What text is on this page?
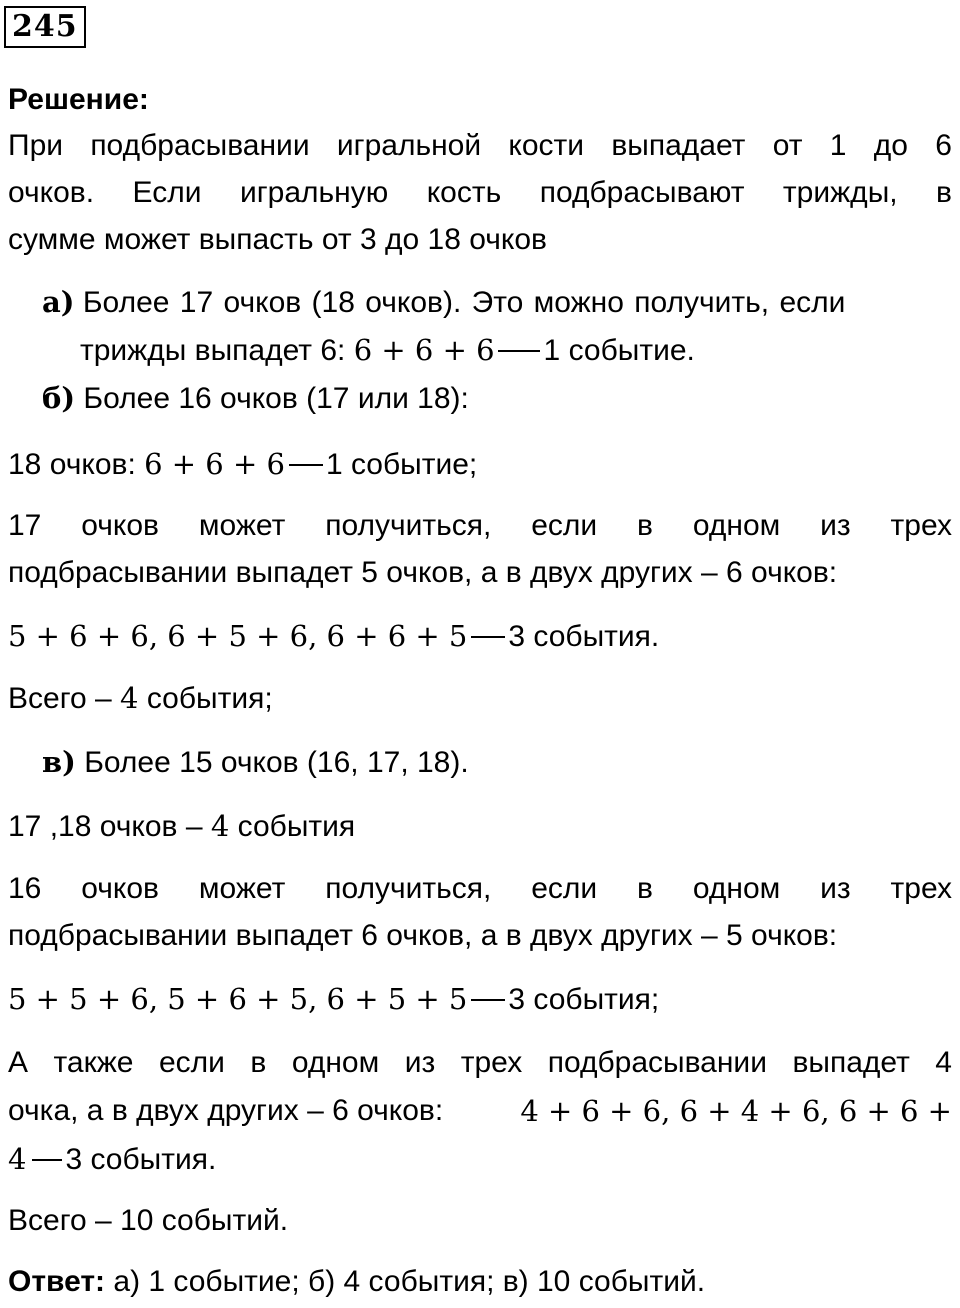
245
Решение:
При подбрасывании игральной кости выпадает от 1 до 6
очков. Если игральную кость подбрасывают трижды, в
сумме может выпасть от 3 до 18 очков
а) Более 17 очков (18 очков). Это можно получить, если
трижды выпадет 6: 6 + 6 + 6 1 событие.
б) Более 16 очков (17 или 18):
18 очков: 6 + 6 + 6 1 событие;
17 очков может получиться, если в одном из трех
подбрасывании выпадет 5 очков, а в двух других – 6 очков:
5 + 6 + 6, 6 + 5 + 6, 6 + 6 + 5 3 события.
Всего – 4 события;
в) Более 15 очков (16, 17, 18).
17 ,18 очков – 4 события
16 очков может получиться, если в одном из трех
подбрасывании выпадет 6 очков, а в двух других – 5 очков:
5 + 5 + 6, 5 + 6 + 5, 6 + 5 + 5 3 события;
А также если в одном из трех подбрасывании выпадет 4
очка, а в двух других – 6 очков:	4 + 6 + 6, 6 + 4 + 6, 6 + 6 +
4 3 события.
Всего – 10 событий.
Ответ: а) 1 событие; б) 4 события; в) 10 событий.
